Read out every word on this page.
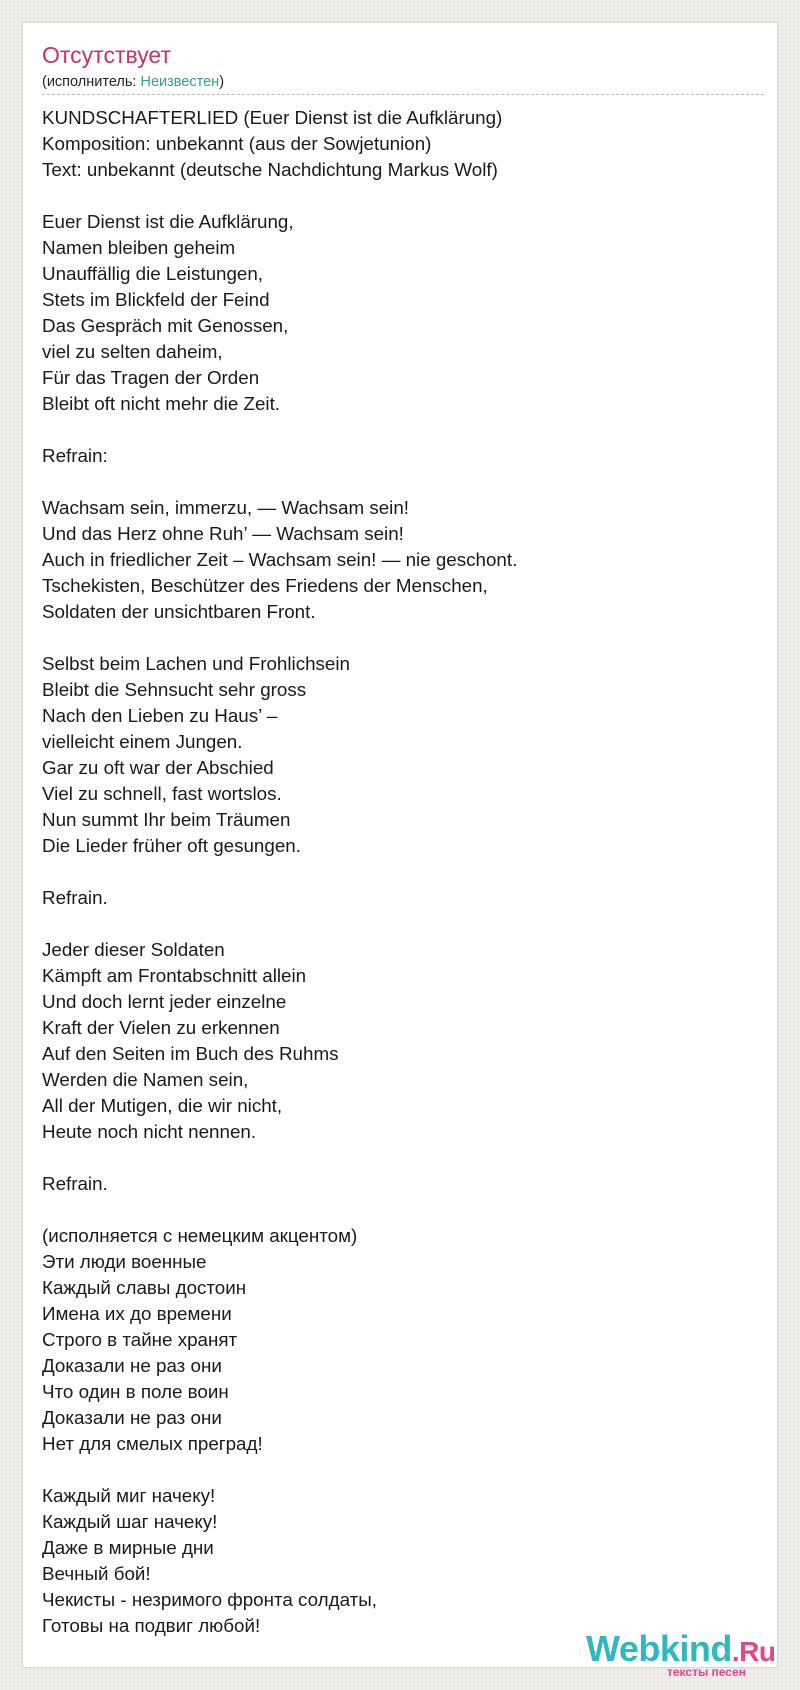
Отсутствует
(исполнитель: Неизвестен)
KUNDSCHAFTERLIED (Euer Dienst ist die Aufklärung)
Komposition: unbekannt (aus der Sowjetunion)
Text: unbekannt (deutsche Nachdichtung Markus Wolf)
Euer Dienst ist die Aufklärung,
Namen bleiben geheim
Unauffällig die Leistungen,
Stets im Blickfeld der Feind
Das Gespräch mit Genossen,
viel zu selten daheim,
Für das Tragen der Orden
Bleibt oft nicht mehr die Zeit.
Refrain:
Wachsam sein, immerzu, — Wachsam sein!
Und das Herz ohne Ruh’ — Wachsam sein!
Auch in friedlicher Zeit – Wachsam sein! — nie geschont.
Tschekisten, Beschützer des Friedens der Menschen,
Soldaten der unsichtbaren Front.
Selbst beim Lachen und Frohlichsein
Bleibt die Sehnsucht sehr gross
Nach den Lieben zu Haus’ –
vielleicht einem Jungen.
Gar zu oft war der Abschied
Viel zu schnell, fast wortslos.
Nun summt Ihr beim Träumen
Die Lieder früher oft gesungen.
Refrain.
Jeder dieser Soldaten
Kämpft am Frontabschnitt allein
Und doch lernt jeder einzelne
Kraft der Vielen zu erkennen
Auf den Seiten im Buch des Ruhms
Werden die Namen sein,
All der Mutigen, die wir nicht,
Heute noch nicht nennen.
Refrain.
(исполняется с немецким акцентом)
Эти люди военные
Каждый славы достоин
Имена их до времени
Строго в тайне хранят
Доказали не раз они
Что один в поле воин
Доказали не раз они
Нет для смелых преград!
Каждый миг начеку!
Каждый шаг начеку!
Даже в мирные дни
Вечный бой!
Чекисты - незримого фронта солдаты,
Готовы на подвиг любой!
Webkind.Ru
тексты песен
